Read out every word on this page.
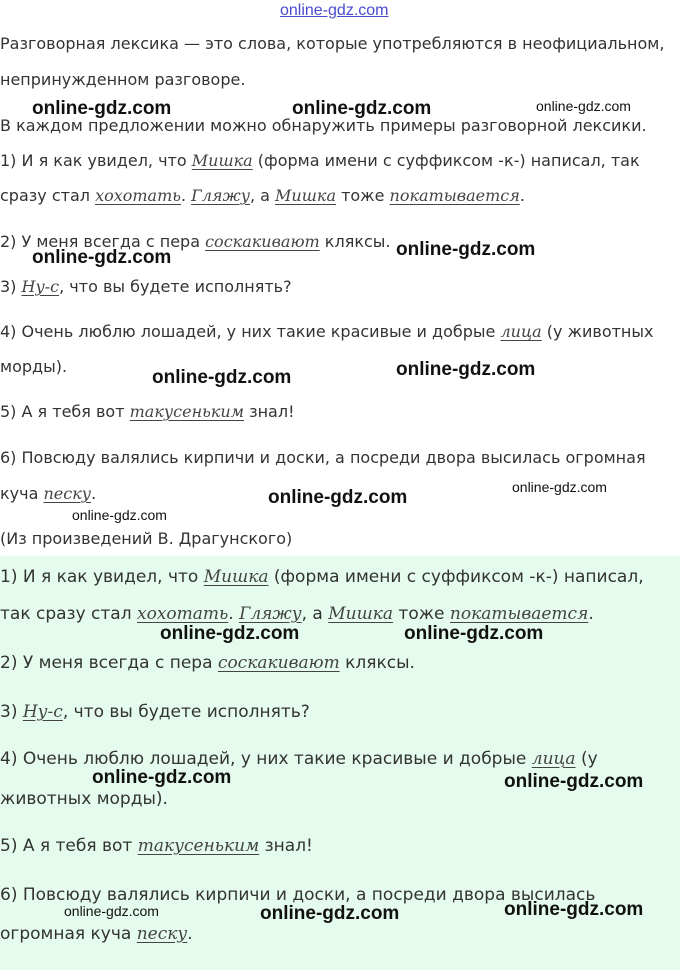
online-gdz.com
Разговорная лексика — это слова, которые употребляются в неофициальном,
непринужденном разговоре.
В каждом предложении можно обнаружить примеры разговорной лексики.
1) И я как увидел, что Мишка (форма имени с суффиксом -к-) написал, так
сразу стал хохотать. Гляжу, а Мишка тоже покатывается.
2) У меня всегда с пера соскакивают кляксы.
3) Ну-с, что вы будете исполнять?
4) Очень люблю лошадей, у них такие красивые и добрые лица (у животных
морды).
5) А я тебя вот такусеньким знал!
6) Повсюду валялись кирпичи и доски, а посреди двора высилась огромная
куча песку.
(Из произведений В. Драгунского)
1) И я как увидел, что Мишка (форма имени с суффиксом -к-) написал,
так сразу стал хохотать. Гляжу, а Мишка тоже покатывается.
2) У меня всегда с пера соскакивают кляксы.
3) Ну-с, что вы будете исполнять?
4) Очень люблю лошадей, у них такие красивые и добрые лица (у
животных морды).
5) А я тебя вот такусеньким знал!
6) Повсюду валялись кирпичи и доски, а посреди двора высилась
огромная куча песку.
online-gdz.com	online-gdz.com	online-gdz.com
online-gdz.com	online-gdz.com
online-gdz.com	online-gdz.com
online-gdz.com	online-gdz.com
online-gdz.com
online-gdz.com	online-gdz.com
online-gdz.com	online-gdz.com
online-gdz.com	online-gdz.com	online-gdz.com
